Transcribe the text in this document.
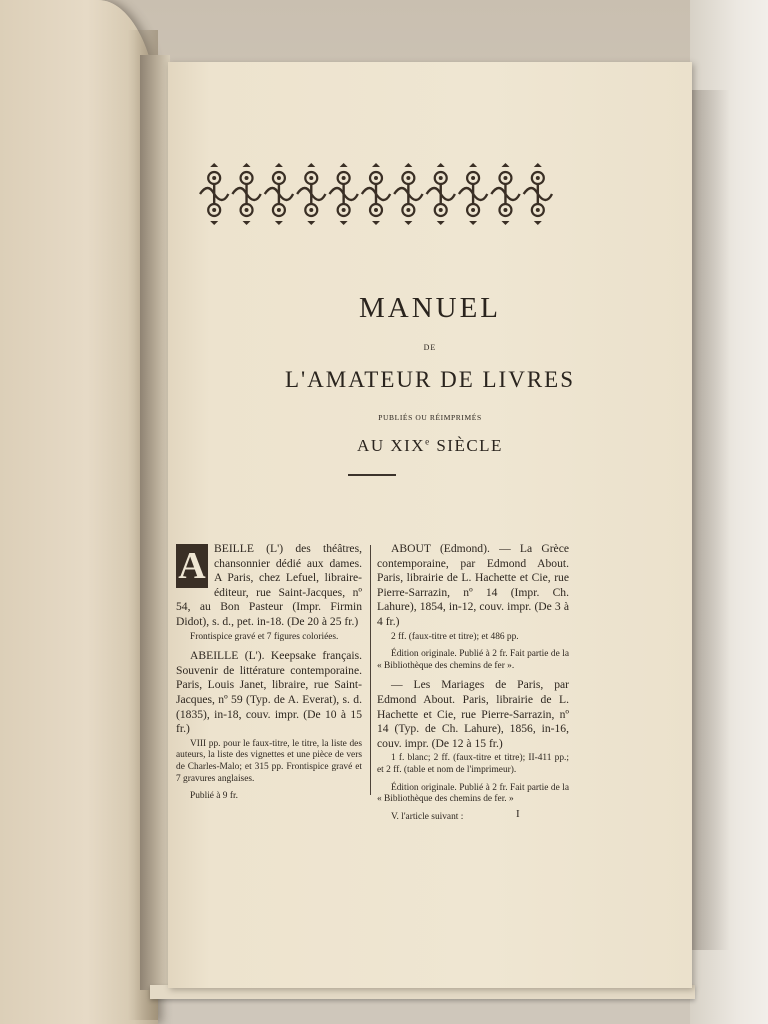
MANUEL
DE
L'AMATEUR DE LIVRES
PUBLIÉS OU RÉIMPRIMÉS
AU XIXe SIÈCLE
A BEILLE (L') des théâtres, chansonnier dédié aux dames. A Paris, chez Lefuel, libraire-éditeur, rue Saint-Jacques, nº 54, au Bon Pasteur (Impr. Firmin Didot), s. d., pet. in-18. (De 20 à 25 fr.)

Frontispice gravé et 7 figures coloriées.

ABEILLE (L'). Keepsake français. Souvenir de littérature contemporaine. Paris, Louis Janet, libraire, rue Saint-Jacques, nº 59 (Typ. de A. Everat), s. d. (1835), in-18, couv. impr. (De 10 à 15 fr.)

VIII pp. pour le faux-titre, le titre, la liste des auteurs, la liste des vignettes et une pièce de vers de Charles-Malo; et 315 pp. Frontispice gravé et 7 gravures anglaises.

Publié à 9 fr.

ABOUT (Edmond). — La Grèce contemporaine, par Edmond About. Paris, librairie de L. Hachette et Cie, rue Pierre-Sarrazin, nº 14 (Impr. Ch. Lahure), 1854, in-12, couv. impr. (De 3 à 4 fr.)

2 ff. (faux-titre et titre); et 486 pp.

Édition originale. Publié à 2 fr. Fait partie de la « Bibliothèque des chemins de fer ».

— Les Mariages de Paris, par Edmond About. Paris, librairie de L. Hachette et Cie, rue Pierre-Sarrazin, nº 14 (Typ. de Ch. Lahure), 1856, in-16, couv. impr. (De 12 à 15 fr.)

1 f. blanc; 2 ff. (faux-titre et titre); II-411 pp.; et 2 ff. (table et nom de l'imprimeur).

Édition originale. Publié à 2 fr. Fait partie de la « Bibliothèque des chemins de fer. »

V. l'article suivant :	I
